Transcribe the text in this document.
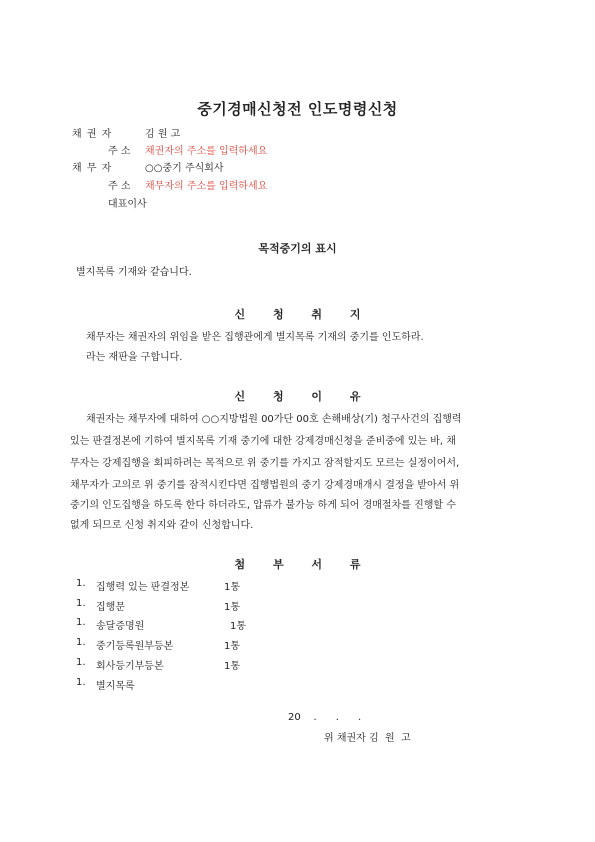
중기경매신청전 인도명령신청
채 권 자	김 원 고
주 소 채권자의 주소를 입력하세요
채 무 자	○○중기 주식회사
주 소 채무자의 주소를 입력하세요
대표이사
목적중기의 표시
별지목록 기재와 같습니다.
신 청 취 지
채무자는 채권자의 위임을 받은 집행관에게 별지목록 기재의 중기를 인도하라.
라는 재판을 구합니다.
신 청 이 유
채권자는 채무자에 대하여 ○○지방법원 00가단 00호 손해배상(기) 청구사건의 집행력
있는 판결정본에 기하여 별지목록 기재 중기에 대한 강제경매신청을 준비중에 있는 바, 채
무자는 강제집행을 회피하려는 목적으로 위 중기를 가지고 잠적할지도 모르는 실정이어서,
채무자가 고의로 위 중기를 잠적시킨다면 집행법원의 중기 강제경매개시 결정을 받아서 위
중기의 인도집행을 하도록 한다 하더라도, 압류가 불가능 하게 되어 경매절차를 진행할 수
없게 되므로 신청 취지와 같이 신청합니다.
첨 부 서 류
1. 집행력 있는 판결정본	1통
1. 집행문	1통
1. 송달증명원	1통
1. 중기등록원부등본	1통
1. 회사등기부등본	1통
1. 별지목록
20    .      .      .
위 채권자 김  원  고
